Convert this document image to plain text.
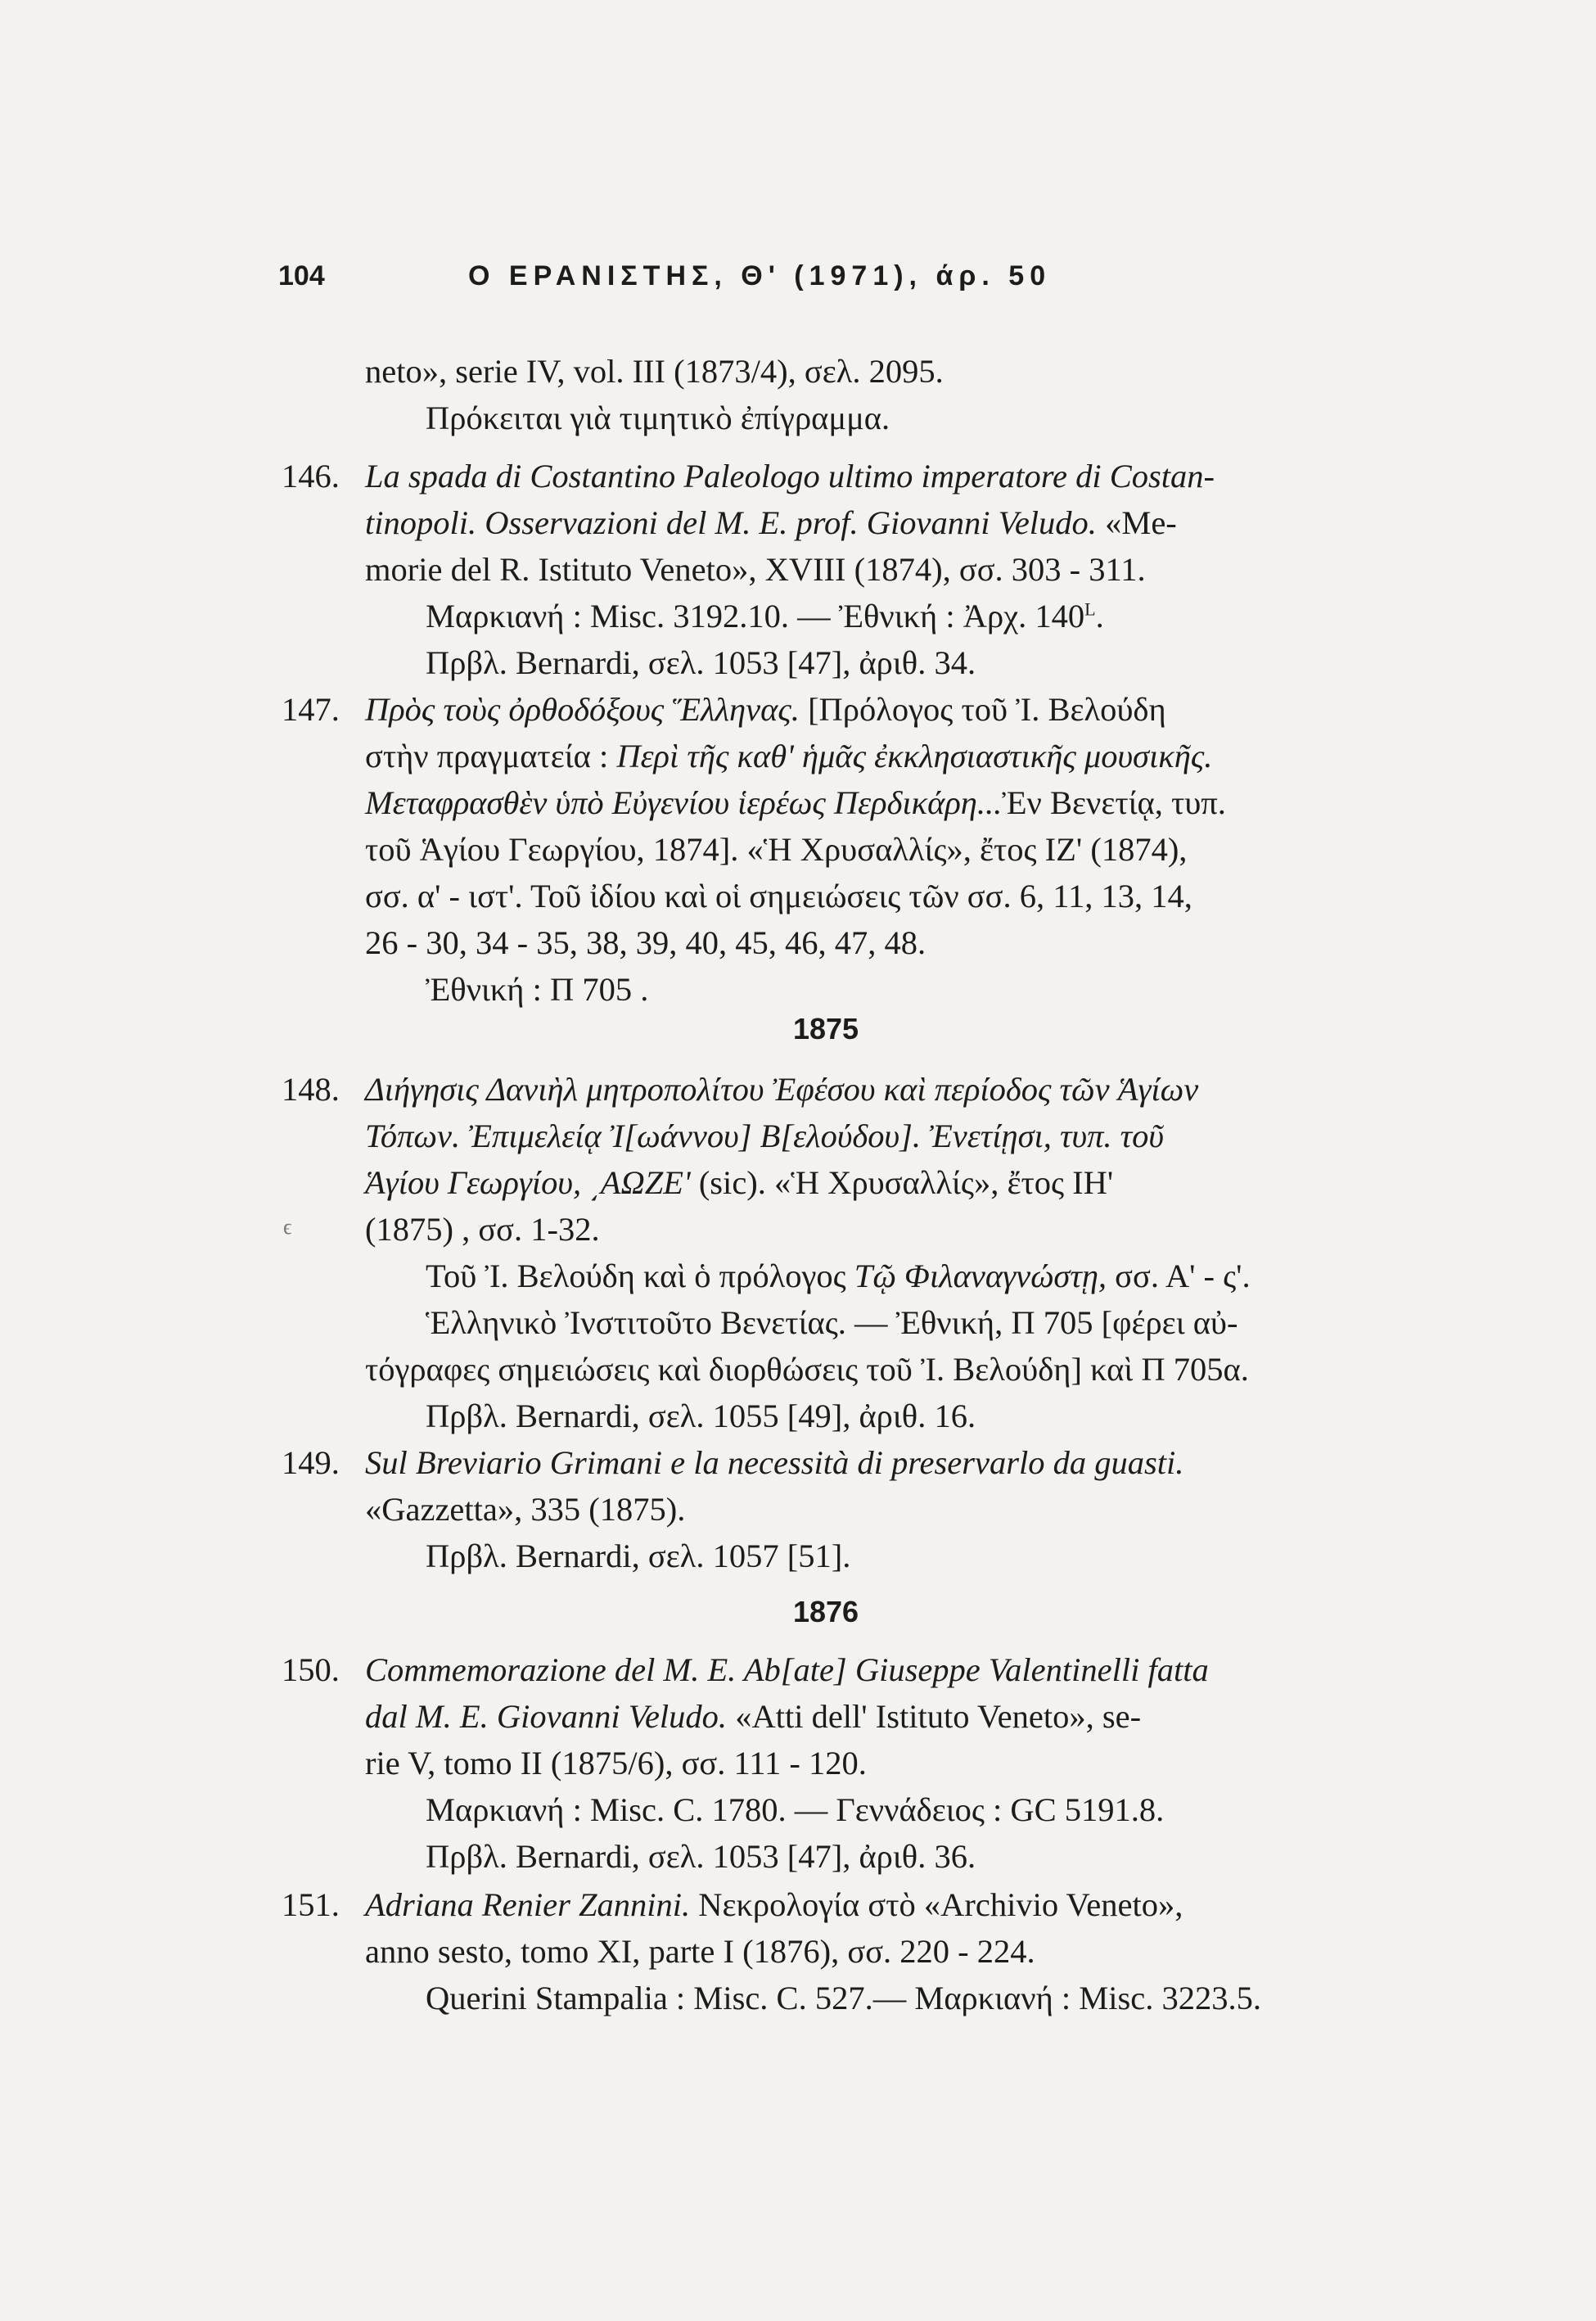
104	Ο ΕΡΑΝΙΣΤΗΣ, Θ' (1971), άρ. 50
neto», serie IV, vol. III (1873/4), σελ. 2095.
Πρόκειται γιὰ τιμητικὸ ἐπίγραμμα.
146. La spada di Costantino Paleologo ultimo imperatore di Costan-
tinopoli. Osservazioni del M. E. prof. Giovanni Veludo. «Me-
morie del R. Istituto Veneto», XVIII (1874), σσ. 303 - 311.
Μαρκιανή : Misc. 3192.10. — Ἐθνική : Ἀρχ. $140^L$.
Πρβλ. Bernardi, σελ. 1053 [47], ἀριθ. 34.
147. Πρὸς τοὺς ὀρθοδόξους Ἕλληνας. [Πρόλογος τοῦ Ἰ. Βελούδη
στὴν πραγματεία : Περὶ τῆς καθ' ἡμᾶς ἐκκλησιαστικῆς μουσικῆς.
Μεταφρασθὲν ὑπὸ Εὐγενίου ἱερέως Περδικάρη...Ἐν Βενετίᾳ, τυπ.
τοῦ Ἁγίου Γεωργίου, 1874]. «Ἡ Χρυσαλλίς», ἔτος ΙΖ' (1874),
σσ. α' - ιστ'. Τοῦ ἰδίου καὶ οἱ σημειώσεις τῶν σσ. 6, 11, 13, 14,
26 - 30, 34 - 35, 38, 39, 40, 45, 46, 47, 48.
Ἐθνική : Π 705 .
1875
148. Διήγησις Δανιὴλ μητροπολίτου Ἐφέσου καὶ περίοδος τῶν Ἁγίων
Τόπων. Ἐπιμελείᾳ Ἰ[ωάννου] Β[ελούδου]. Ἐνετίῃσι, τυπ. τοῦ
Ἁγίου Γεωργίου, ͵ΑΩΖΕ' (sic). «Ἡ Χρυσαλλίς», ἔτος ΙΗ'
(1875) , σσ. 1-32.
Τοῦ Ἰ. Βελούδη καὶ ὁ πρόλογος Τῷ Φιλαναγνώστῃ, σσ. Α' - ς'.
Ἑλληνικὸ Ἰνστιτοῦτο Βενετίας. — Ἐθνική, Π 705 [φέρει αὐ-
τόγραφες σημειώσεις καὶ διορθώσεις τοῦ Ἰ. Βελούδη] καὶ Π 705α.
Πρβλ. Bernardi, σελ. 1055 [49], ἀριθ. 16.
ϵ
149. Sul Breviario Grimani e la necessità di preservarlo da guasti.
«Gazzetta», 335 (1875).
Πρβλ. Bernardi, σελ. 1057 [51].
1876
150. Commemorazione del M. E. Ab[ate] Giuseppe Valentinelli fatta
dal M. E. Giovanni Veludo. «Atti dell' Istituto Veneto», se-
rie V, tomo II (1875/6), σσ. 111 - 120.
Μαρκιανή : Misc. C. 1780. — Γεννάδειος : GC 5191.8.
Πρβλ. Bernardi, σελ. 1053 [47], ἀριθ. 36.
151. Adriana Renier Zannini. Νεκρολογία στὸ «Archivio Veneto»,
anno sesto, tomo XI, parte I (1876), σσ. 220 - 224.
Querini Stampalia : Misc. C. 527.— Μαρκιανή : Misc. 3223.5.
